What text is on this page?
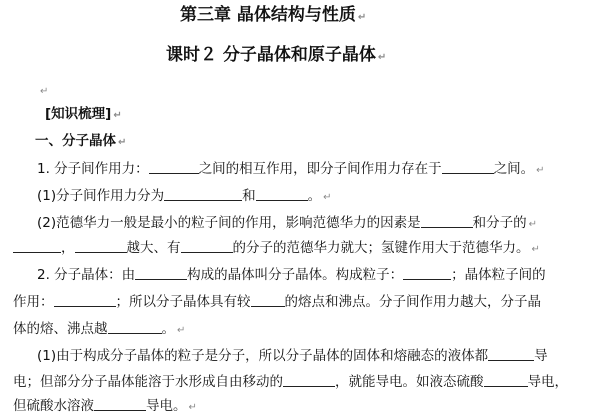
第三章 晶体结构与性质 ↵
课时２ 分子晶体和原子晶体 ↵
↵
[知识梳理] ↵
一、分子晶体 ↵
1. 分子间作用力：	之间的相互作用，即分子间作用力存在于	之间。 ↵
(1)分子间作用力分为	和	。 ↵
(2)范德华力一般是最小的粒子间的作用，影响范德华力的因素是	和分子的 ↵
，	越大、有	的分子的范德华力就大；氢键作用大于范德华力。 ↵
2. 分子晶体：由	构成的晶体叫分子晶体。构成粒子：	；晶体粒子间的
作用：	；所以分子晶体具有较	的熔点和沸点。分子间作用力越大，分子晶
体的熔、沸点越	。 ↵
(1)由于构成分子晶体的粒子是分子，所以分子晶体的固体和熔融态的液体都	导
电；但部分分子晶体能溶于水形成自由移动的	，就能导电。如液态硫酸	导电，
但硫酸水溶液	导电。 ↵
